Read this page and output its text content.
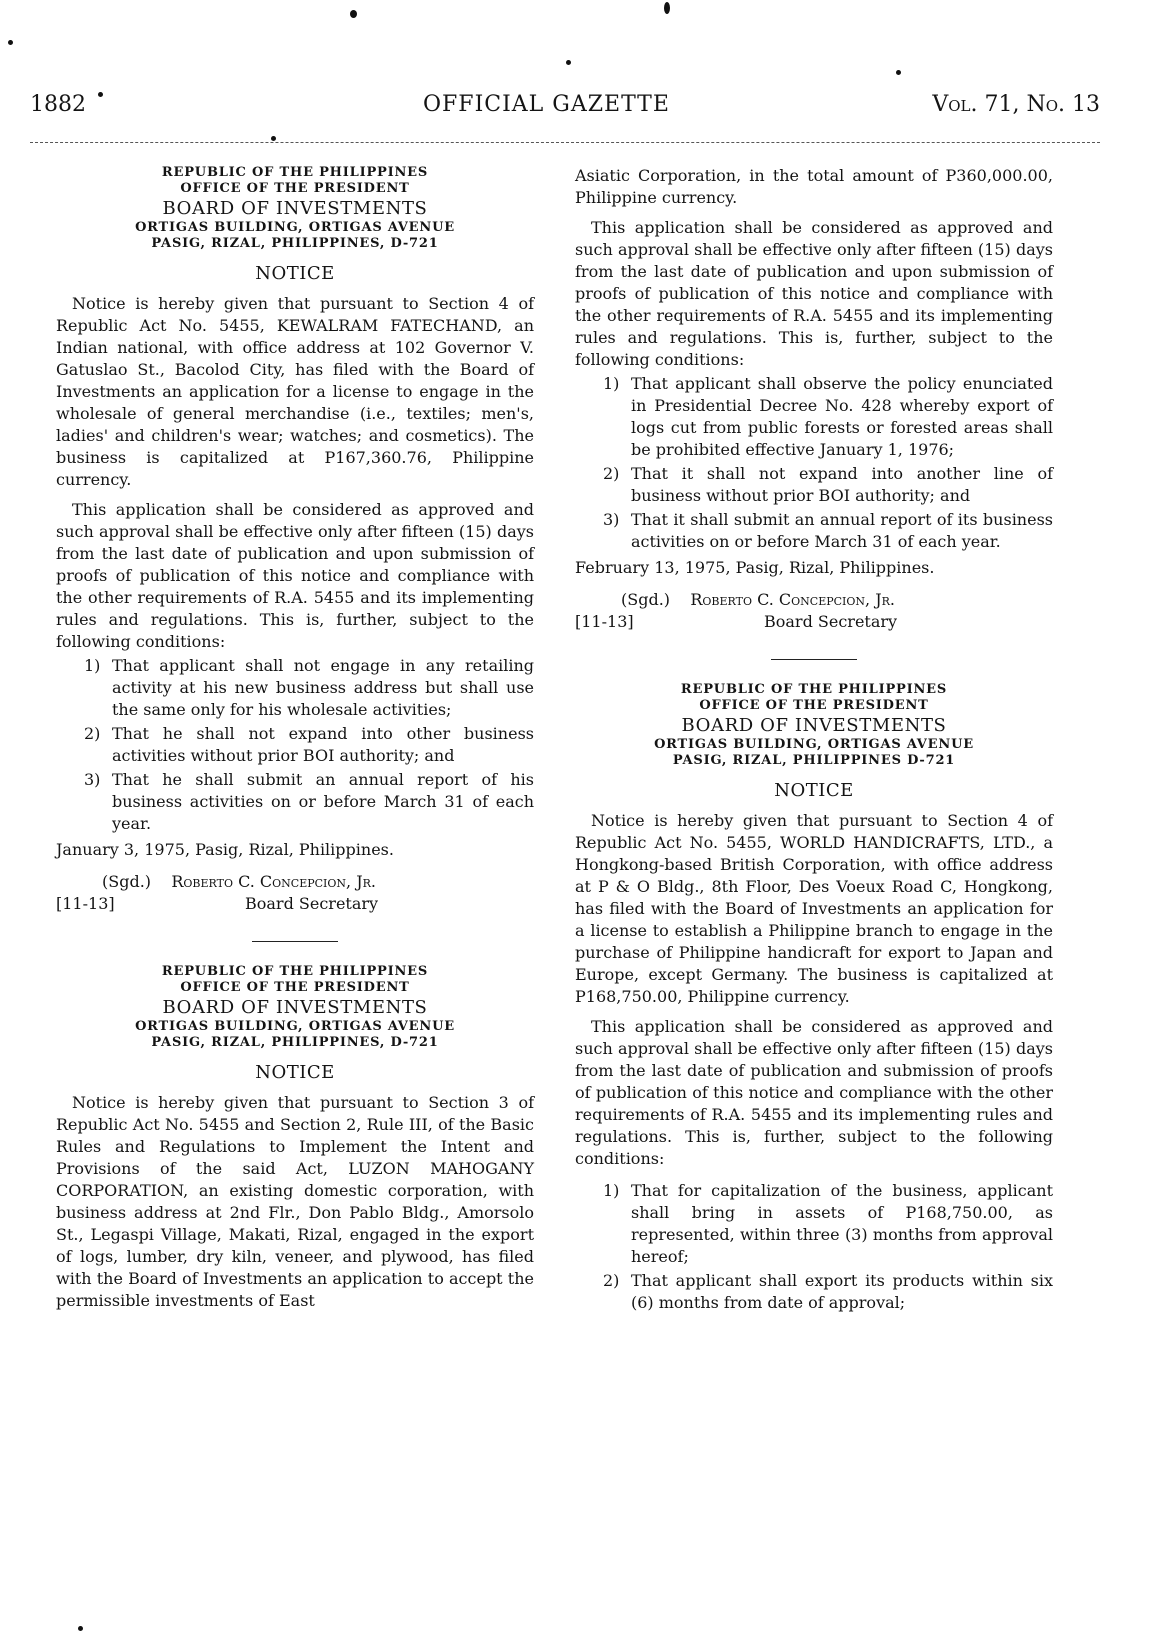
1882	OFFICIAL GAZETTE	Vol. 71, No. 13
REPUBLIC OF THE PHILIPPINES
OFFICE OF THE PRESIDENT
BOARD OF INVESTMENTS
ORTIGAS BUILDING, ORTIGAS AVENUE
PASIG, RIZAL, PHILIPPINES, D-721
NOTICE

Notice is hereby given that pursuant to Section 4 of Republic Act No. 5455, KEWALRAM FATECHAND, an Indian national, with office address at 102 Governor V. Gatuslao St., Bacolod City, has filed with the Board of Investments an application for a license to engage in the wholesale of general merchandise (i.e., textiles; men's, ladies' and children's wear; watches; and cosmetics). The business is capitalized at P167,360.76, Philippine currency.

This application shall be considered as approved and such approval shall be effective only after fifteen (15) days from the last date of publication and upon submission of proofs of publication of this notice and compliance with the other requirements of R.A. 5455 and its implementing rules and regulations. This is, further, subject to the following conditions:

1) That applicant shall not engage in any retailing activity at his new business address but shall use the same only for his wholesale activities;
2) That he shall not expand into other business activities without prior BOI authority; and
3) That he shall submit an annual report of his business activities on or before March 31 of each year.
January 3, 1975, Pasig, Rizal, Philippines.
(Sgd.) Roberto C. Concepcion, Jr.
[11-13]	Board Secretary
REPUBLIC OF THE PHILIPPINES
OFFICE OF THE PRESIDENT
BOARD OF INVESTMENTS
ORTIGAS BUILDING, ORTIGAS AVENUE
PASIG, RIZAL, PHILIPPINES, D-721
NOTICE

Notice is hereby given that pursuant to Section 3 of Republic Act No. 5455 and Section 2, Rule III, of the Basic Rules and Regulations to Implement the Intent and Provisions of the said Act, LUZON MAHOGANY CORPORATION, an existing domestic corporation, with business address at 2nd Flr., Don Pablo Bldg., Amorsolo St., Legaspi Village, Makati, Rizal, engaged in the export of logs, lumber, dry kiln, veneer, and plywood, has filed with the Board of Investments an application to accept the permissible investments of East

Asiatic Corporation, in the total amount of P360,000.00, Philippine currency.

This application shall be considered as approved and such approval shall be effective only after fifteen (15) days from the last date of publication and upon submission of proofs of publication of this notice and compliance with the other requirements of R.A. 5455 and its implementing rules and regulations. This is, further, subject to the following conditions:

1) That applicant shall observe the policy enunciated in Presidential Decree No. 428 whereby export of logs cut from public forests or forested areas shall be prohibited effective January 1, 1976;
2) That it shall not expand into another line of business without prior BOI authority; and
3) That it shall submit an annual report of its business activities on or before March 31 of each year.
February 13, 1975, Pasig, Rizal, Philippines.
(Sgd.) Roberto C. Concepcion, Jr.
[11-13]	Board Secretary
REPUBLIC OF THE PHILIPPINES
OFFICE OF THE PRESIDENT
BOARD OF INVESTMENTS
ORTIGAS BUILDING, ORTIGAS AVENUE
PASIG, RIZAL, PHILIPPINES D-721
NOTICE

Notice is hereby given that pursuant to Section 4 of Republic Act No. 5455, WORLD HANDICRAFTS, LTD., a Hongkong-based British Corporation, with office address at P & O Bldg., 8th Floor, Des Voeux Road C, Hongkong, has filed with the Board of Investments an application for a license to establish a Philippine branch to engage in the purchase of Philippine handicraft for export to Japan and Europe, except Germany. The business is capitalized at P168,750.00, Philippine currency.

This application shall be considered as approved and such approval shall be effective only after fifteen (15) days from the last date of publication and submission of proofs of publication of this notice and compliance with the other requirements of R.A. 5455 and its implementing rules and regulations. This is, further, subject to the following conditions:

1) That for capitalization of the business, applicant shall bring in assets of P168,750.00, as represented, within three (3) months from approval hereof;
2) That applicant shall export its products within six (6) months from date of approval;
